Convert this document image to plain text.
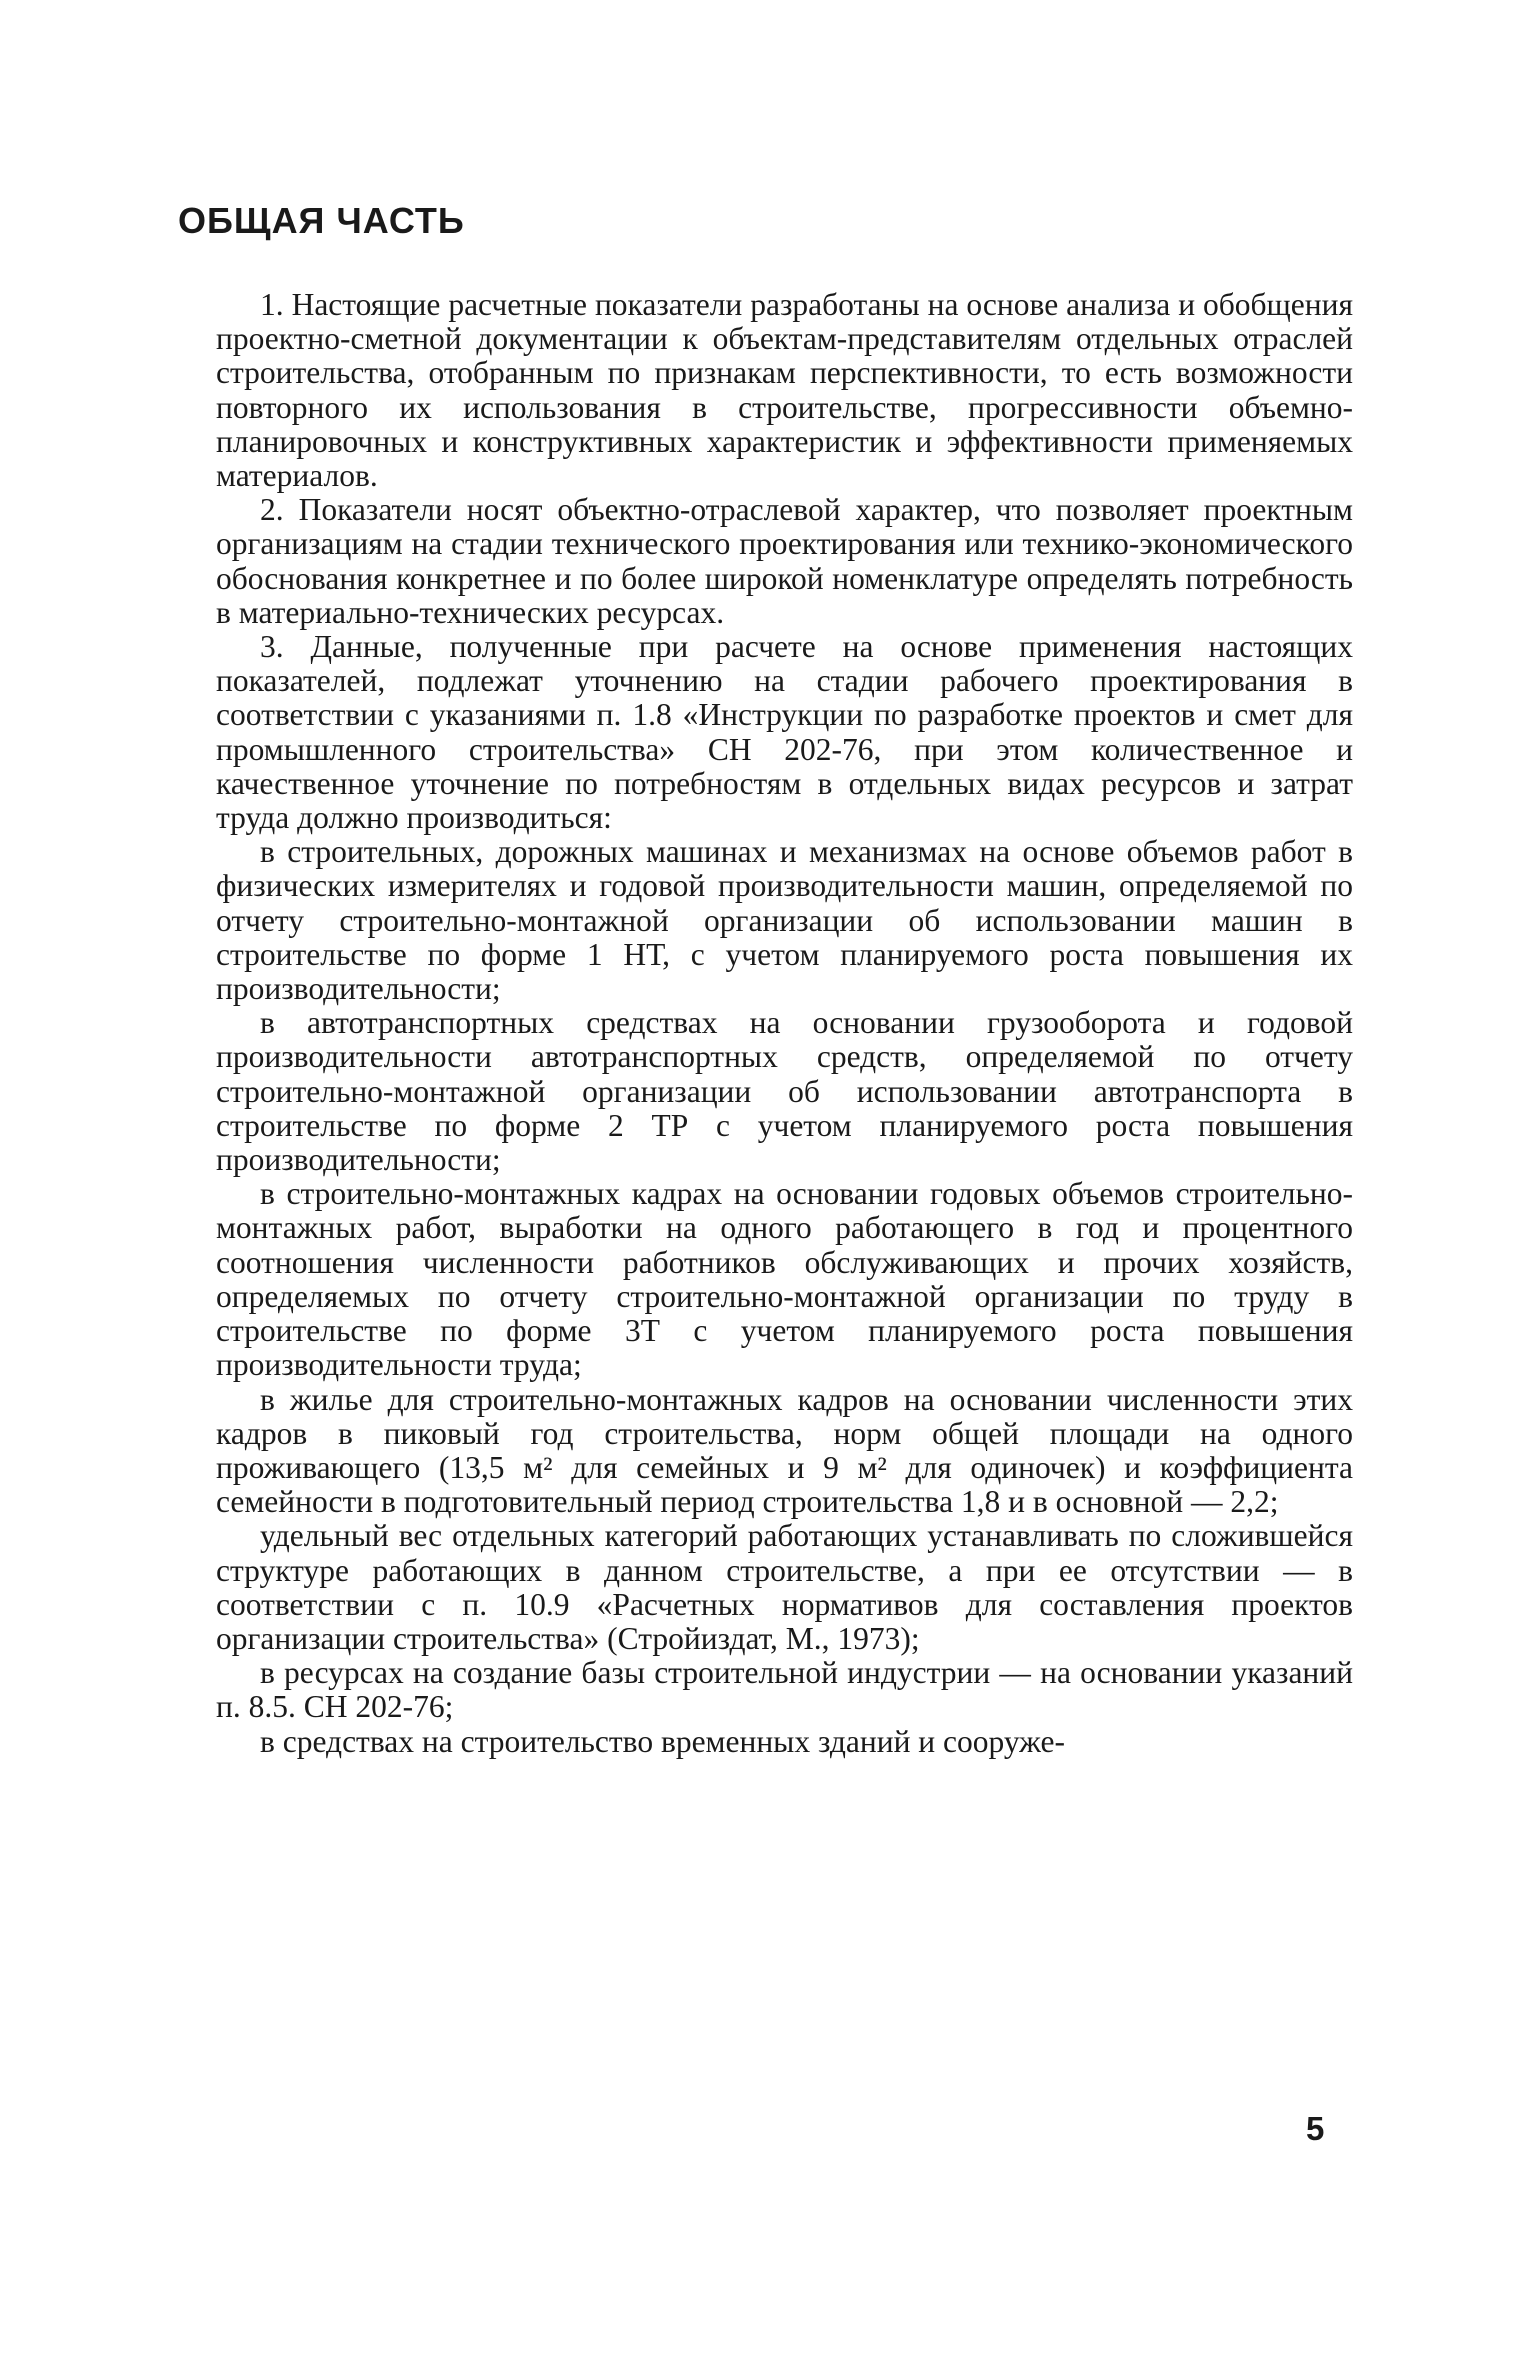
ОБЩАЯ ЧАСТЬ

1. Настоящие расчетные показатели разработаны на основе анализа и обобщения проектно-сметной документации к объектам-представителям отдельных отраслей строительства, отобранным по признакам перспективности, то есть возможности повторного их использования в строительстве, прогрессивности объемно-планировочных и конструктивных характеристик и эффективности применяемых материалов.

2. Показатели носят объектно-отраслевой характер, что позволяет проектным организациям на стадии технического проектирования или технико-экономического обоснования конкретнее и по более широкой номенклатуре определять потребность в материально-технических ресурсах.

3. Данные, полученные при расчете на основе применения настоящих показателей, подлежат уточнению на стадии рабочего проектирования в соответствии с указаниями п. 1.8 «Инструкции по разработке проектов и смет для промышленного строительства» СН 202-76, при этом количественное и качественное уточнение по потребностям в отдельных видах ресурсов и затрат труда должно производиться:

в строительных, дорожных машинах и механизмах на основе объемов работ в физических измерителях и годовой производительности машин, определяемой по отчету строительно-монтажной организации об использовании машин в строительстве по форме 1 НТ, с учетом планируемого роста повышения их производительности;

в автотранспортных средствах на основании грузооборота и годовой производительности автотранспортных средств, определяемой по отчету строительно-монтажной организации об использовании автотранспорта в строительстве по форме 2 ТР с учетом планируемого роста повышения производительности;

в строительно-монтажных кадрах на основании годовых объемов строительно-монтажных работ, выработки на одного работающего в год и процентного соотношения численности работников обслуживающих и прочих хозяйств, определяемых по отчету строительно-монтажной организации по труду в строительстве по форме 3Т с учетом планируемого роста повышения производительности труда;

в жилье для строительно-монтажных кадров на основании численности этих кадров в пиковый год строительства, норм общей площади на одного проживающего (13,5 м² для семейных и 9 м² для одиночек) и коэффициента семейности в подготовительный период строительства 1,8 и в основной — 2,2;

удельный вес отдельных категорий работающих устанавливать по сложившейся структуре работающих в данном строительстве, а при ее отсутствии — в соответствии с п. 10.9 «Расчетных нормативов для составления проектов организации строительства» (Стройиздат, М., 1973);

в ресурсах на создание базы строительной индустрии — на основании указаний п. 8.5. СН 202-76;

в средствах на строительство временных зданий и сооруже-

5
